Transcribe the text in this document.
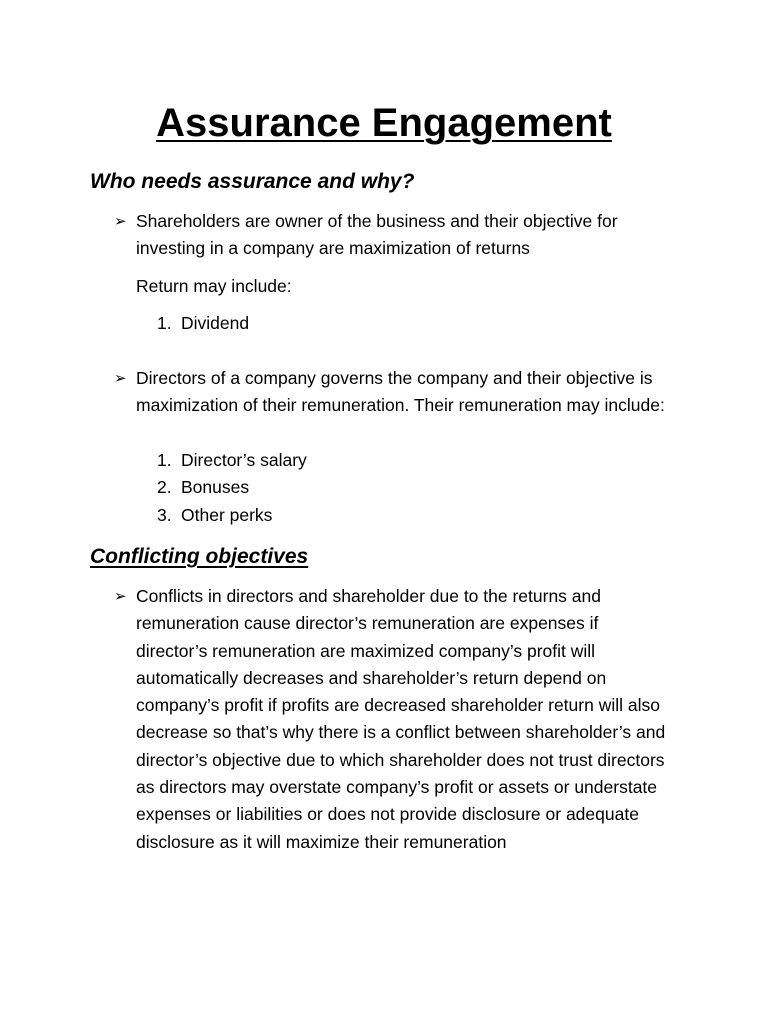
Assurance Engagement
Who needs assurance and why?
➢ Shareholders are owner of the business and their objective for investing in a company are maximization of returns
Return may include:
1. Dividend
➢ Directors of a company governs the company and their objective is maximization of their remuneration. Their remuneration may include:
1. Director’s salary
2. Bonuses
3. Other perks
Conflicting objectives
➢ Conflicts in directors and shareholder due to the returns and remuneration cause director’s remuneration are expenses if director’s remuneration are maximized company’s profit will automatically decreases and shareholder’s return depend on company’s profit if profits are decreased shareholder return will also decrease so that’s why there is a conflict between shareholder’s and director’s objective due to which shareholder does not trust directors as directors may overstate company’s profit or assets or understate expenses or liabilities or does not provide disclosure or adequate disclosure as it will maximize their remuneration
